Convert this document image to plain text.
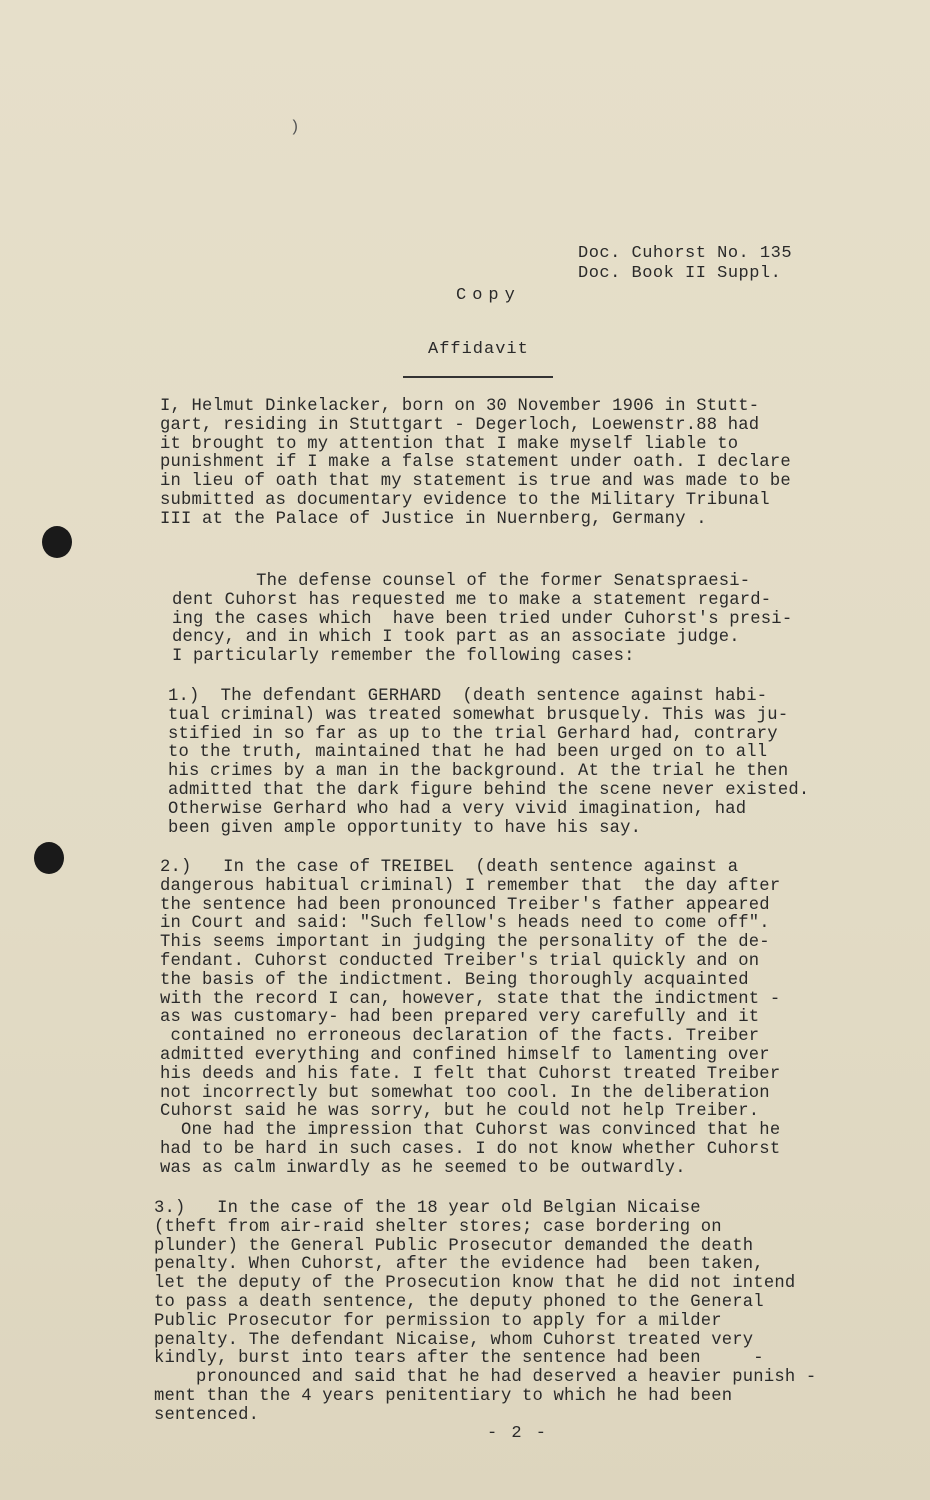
)
Doc. Cuhorst No. 135
Doc. Book II Suppl.
Copy
Affidavit
I, Helmut Dinkelacker, born on 30 November 1906 in Stutt-
gart, residing in Stuttgart - Degerloch, Loewenstr.88 had
it brought to my attention that I make myself liable to
punishment if I make a false statement under oath. I declare
in lieu of oath that my statement is true and was made to be
submitted as documentary evidence to the Military Tribunal
III at the Palace of Justice in Nuernberg, Germany .
The defense counsel of the former Senatspraesi-
dent Cuhorst has requested me to make a statement regard-
ing the cases which  have been tried under Cuhorst's presi-
dency, and in which I took part as an associate judge.
I particularly remember the following cases:
1.)  The defendant GERHARD  (death sentence against habi-
tual criminal) was treated somewhat brusquely. This was ju-
stified in so far as up to the trial Gerhard had, contrary
to the truth, maintained that he had been urged on to all
his crimes by a man in the background. At the trial he then
admitted that the dark figure behind the scene never existed.
Otherwise Gerhard who had a very vivid imagination, had
been given ample opportunity to have his say.
2.)   In the case of TREIBEL  (death sentence against a
dangerous habitual criminal) I remember that  the day after
the sentence had been pronounced Treiber's father appeared
in Court and said: "Such fellow's heads need to come off".
This seems important in judging the personality of the de-
fendant. Cuhorst conducted Treiber's trial quickly and on
the basis of the indictment. Being thoroughly acquainted
with the record I can, however, state that the indictment -
as was customary- had been prepared very carefully and it
contained no erroneous declaration of the facts. Treiber
admitted everything and confined himself to lamenting over
his deeds and his fate. I felt that Cuhorst treated Treiber
not incorrectly but somewhat too cool. In the deliberation
Cuhorst said he was sorry, but he could not help Treiber.
One had the impression that Cuhorst was convinced that he
had to be hard in such cases. I do not know whether Cuhorst
was as calm inwardly as he seemed to be outwardly.
3.)   In the case of the 18 year old Belgian Nicaise
(theft from air-raid shelter stores; case bordering on
plunder) the General Public Prosecutor demanded the death
penalty. When Cuhorst, after the evidence had  been taken,
let the deputy of the Prosecution know that he did not intend
to pass a death sentence, the deputy phoned to the General
Public Prosecutor for permission to apply for a milder
penalty. The defendant Nicaise, whom Cuhorst treated very
kindly, burst into tears after the sentence had been     -
pronounced and said that he had deserved a heavier punish -
ment than the 4 years penitentiary to which he had been
sentenced.
- 2 -
